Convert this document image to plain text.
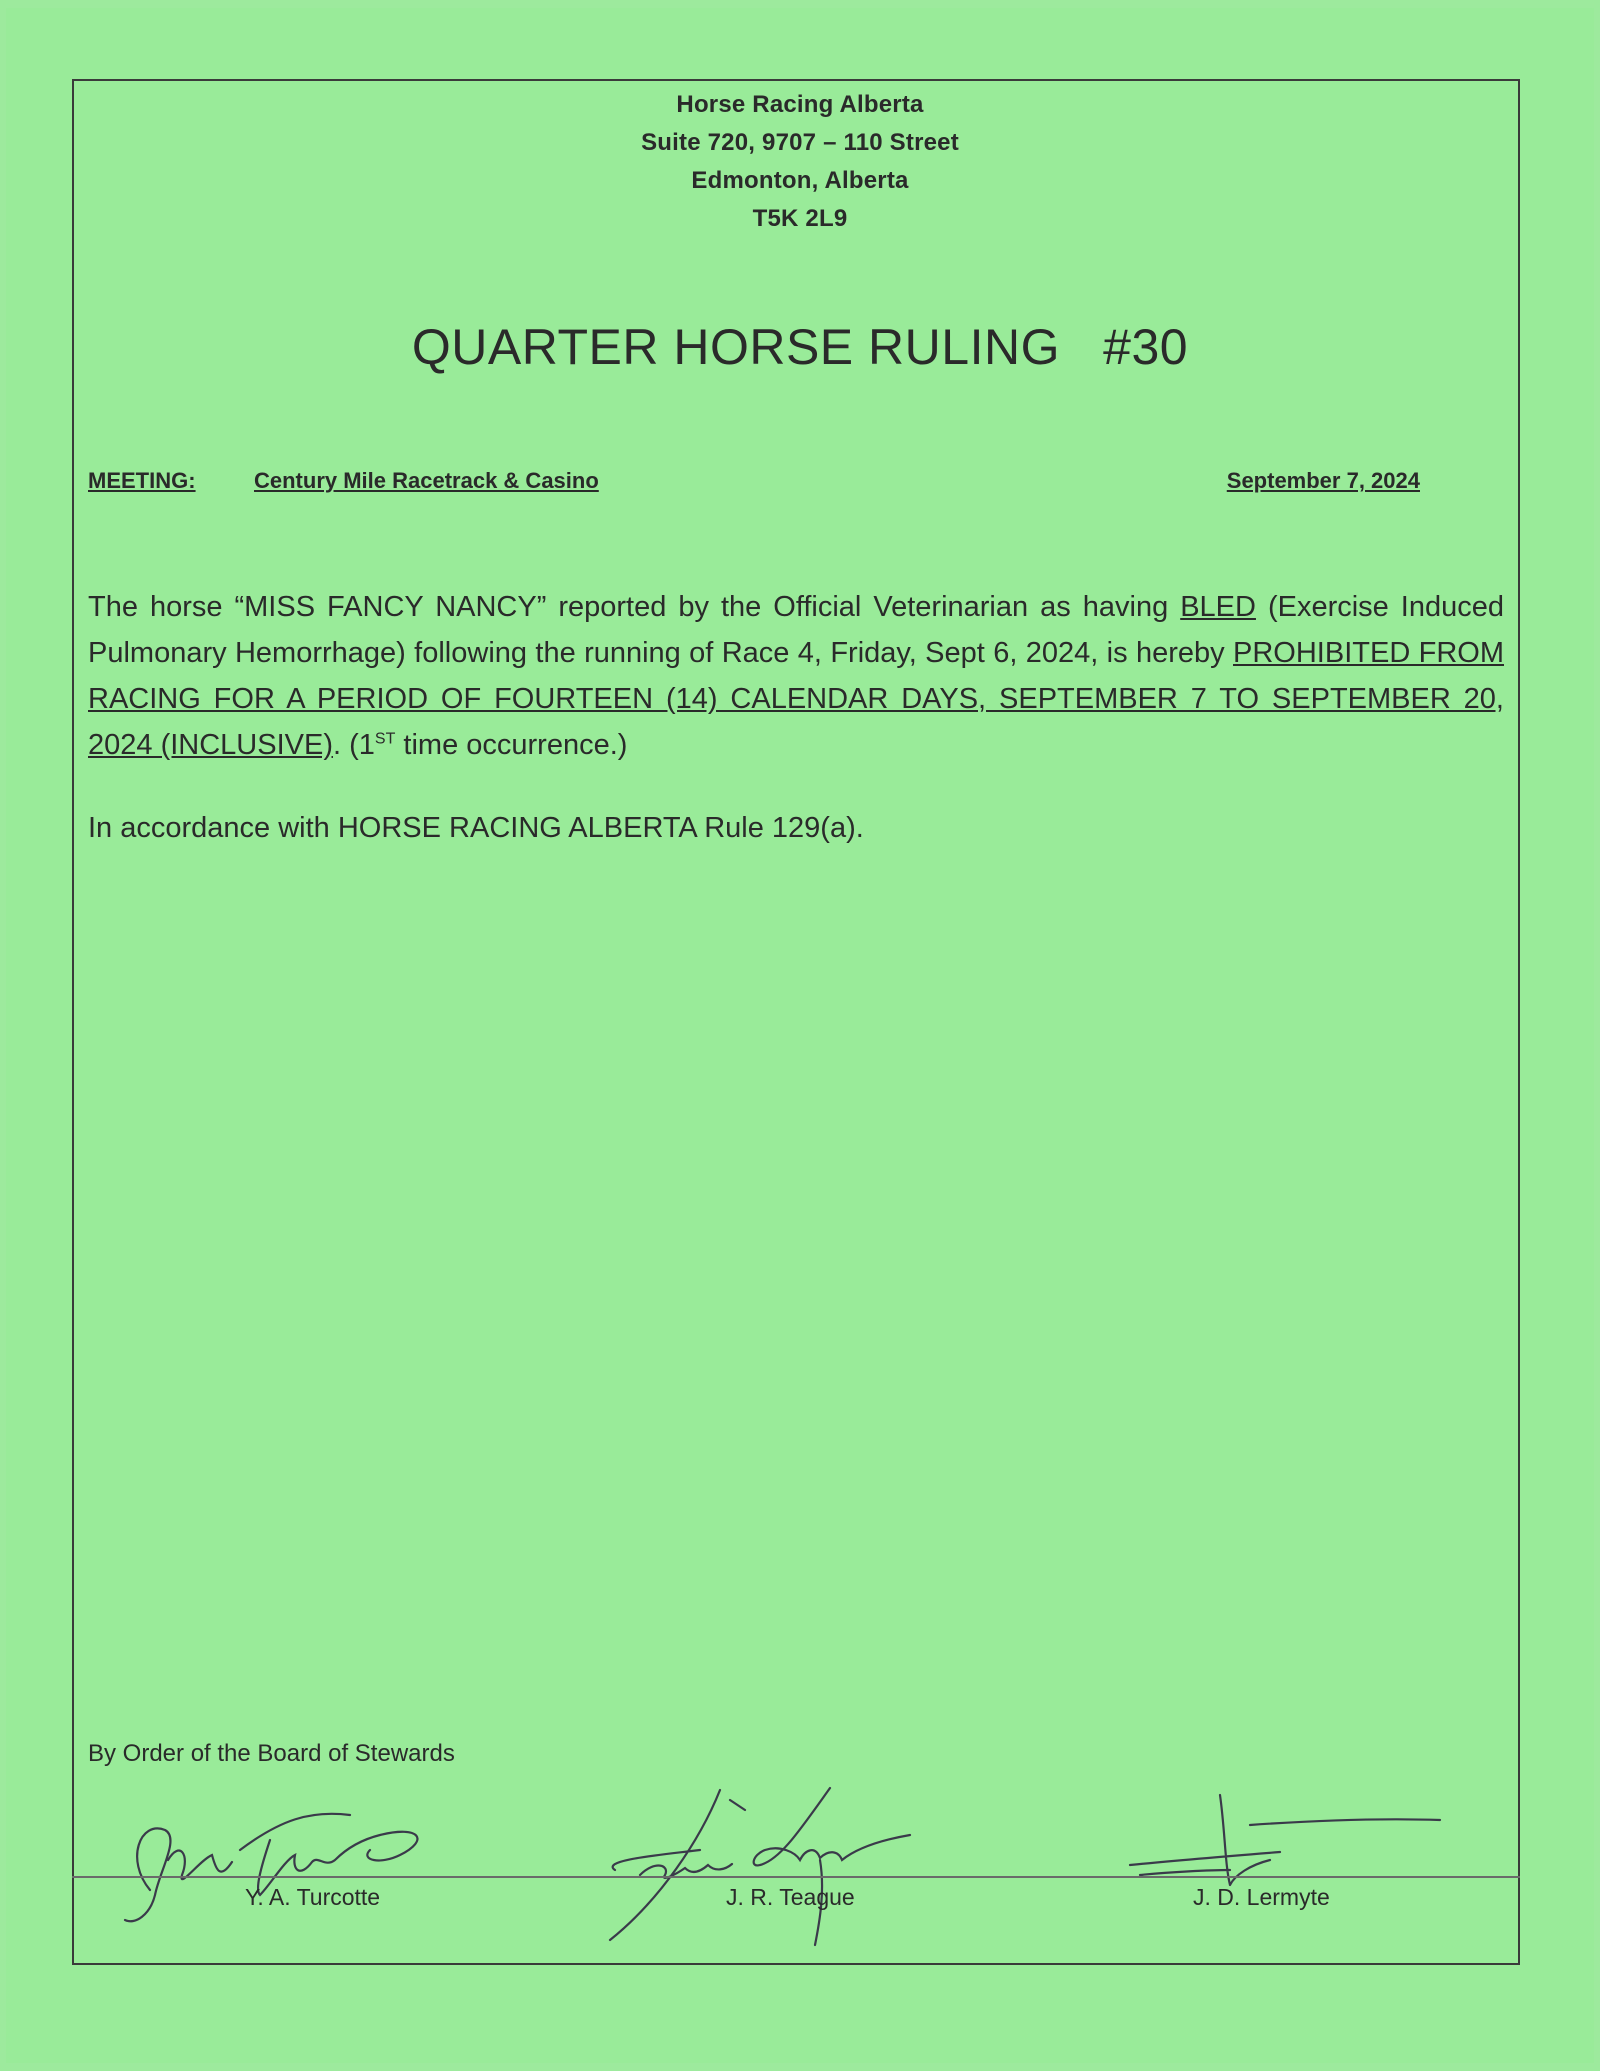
Horse Racing Alberta
Suite 720, 9707 – 110 Street
Edmonton, Alberta
T5K 2L9
QUARTER HORSE RULING   #30
MEETING:	Century Mile Racetrack & Casino	September 7, 2024
The horse “MISS FANCY NANCY” reported by the Official Veterinarian as having BLED (Exercise Induced Pulmonary Hemorrhage) following the running of Race 4, Friday, Sept 6, 2024, is hereby PROHIBITED FROM RACING FOR A PERIOD OF FOURTEEN (14) CALENDAR DAYS, SEPTEMBER 7 TO SEPTEMBER 20, 2024 (INCLUSIVE). (1ST time occurrence.)
In accordance with HORSE RACING ALBERTA Rule 129(a).
By Order of the Board of Stewards
Y. A. Turcotte	J. R. Teague	J. D. Lermyte
